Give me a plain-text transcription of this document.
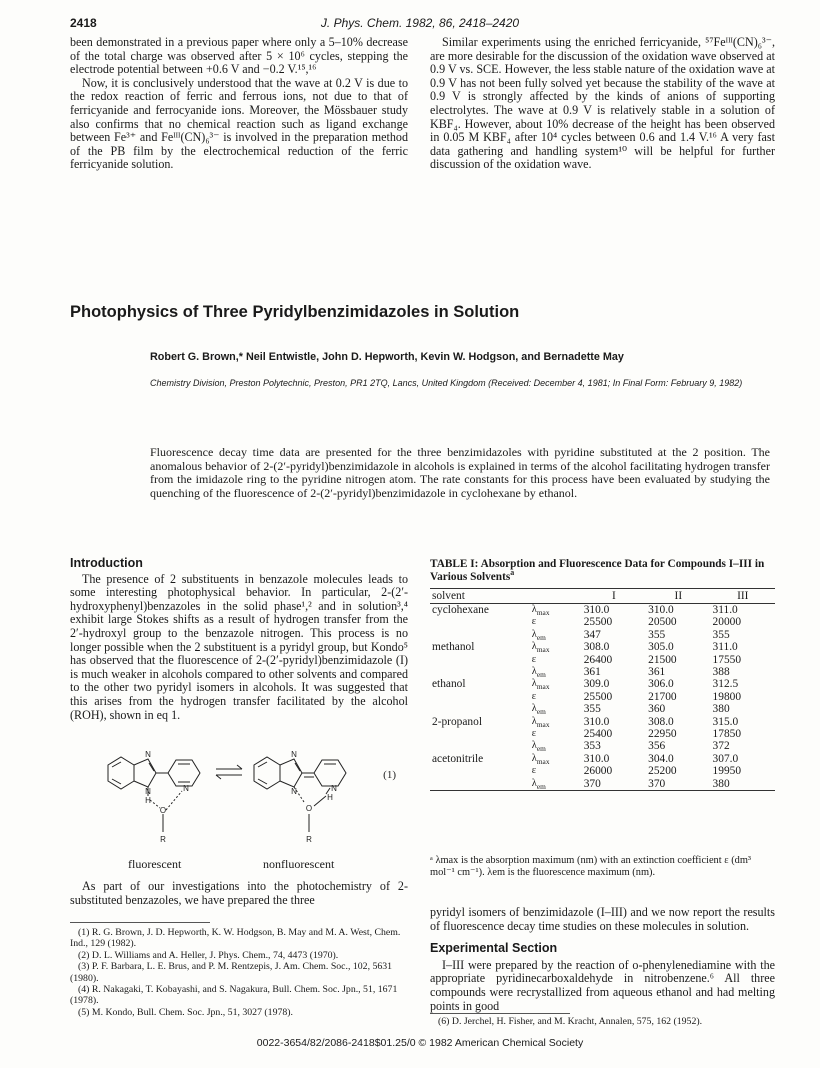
2418	J. Phys. Chem. 1982, 86, 2418–2420

been demonstrated in a previous paper where only a 5–10% decrease of the total charge was observed after 5 × 10⁶ cycles, stepping the electrode potential between +0.6 V and −0.2 V.¹⁵,¹⁶

Now, it is conclusively understood that the wave at 0.2 V is due to the redox reaction of ferric and ferrous ions, not due to that of ferricyanide and ferrocyanide ions. Moreover, the Mössbauer study also confirms that no chemical reaction such as ligand exchange between Fe³⁺ and Feᴵᴵᴵ(CN)₆³⁻ is involved in the preparation method of the PB film by the electrochemical reduction of the ferric ferricyanide solution.

Similar experiments using the enriched ferricyanide, ⁵⁷Feᴵᴵᴵ(CN)₆³⁻, are more desirable for the discussion of the oxidation wave observed at 0.9 V vs. SCE. However, the less stable nature of the oxidation wave at 0.9 V has not been fully solved yet because the stability of the wave at 0.9 V is strongly affected by the kinds of anions of supporting electrolytes. The wave at 0.9 V is relatively stable in a solution of KBF₄. However, about 10% decrease of the height has been observed in 0.05 M KBF₄ after 10⁴ cycles between 0.6 and 1.4 V.¹⁶ A very fast data gathering and handling system¹⁰ will be helpful for further discussion of the oxidation wave.

Photophysics of Three Pyridylbenzimidazoles in Solution
Robert G. Brown,* Neil Entwistle, John D. Hepworth, Kevin W. Hodgson, and Bernadette May
Chemistry Division, Preston Polytechnic, Preston, PR1 2TQ, Lancs, United Kingdom (Received: December 4, 1981; In Final Form: February 9, 1982)

Fluorescence decay time data are presented for the three benzimidazoles with pyridine substituted at the 2 position. The anomalous behavior of 2-(2′-pyridyl)benzimidazole in alcohols is explained in terms of the alcohol facilitating hydrogen transfer from the imidazole ring to the pyridine nitrogen atom. The rate constants for this process have been evaluated by studying the quenching of the fluorescence of 2-(2′-pyridyl)benzimidazole in cyclohexane by ethanol.

Introduction

The presence of 2 substituents in benzazole molecules leads to some interesting photophysical behavior. In particular, 2-(2′-hydroxyphenyl)benzazoles in the solid phase¹,² and in solution³,⁴ exhibit large Stokes shifts as a result of hydrogen transfer from the 2′-hydroxyl group to the benzazole nitrogen. This process is no longer possible when the 2 substituent is a pyridyl group, but Kondo⁵ has observed that the fluorescence of 2-(2′-pyridyl)benzimidazole (I) is much weaker in alcohols compared to other solvents and compared to the other two pyridyl isomers in alcohols. It was suggested that this arises from the hydrogen transfer facilitated by the alcohol (ROH), shown in eq 1.

N
N	N
H
O
R
N
N	N
H
O
R
(1)
fluorescent	nonfluorescent

As part of our investigations into the photochemistry of 2-substituted benzazoles, we have prepared the three

(1) R. G. Brown, J. D. Hepworth, K. W. Hodgson, B. May and M. A. West, Chem. Ind., 129 (1982).

(2) D. L. Williams and A. Heller, J. Phys. Chem., 74, 4473 (1970).

(3) P. F. Barbara, L. E. Brus, and P. M. Rentzepis, J. Am. Chem. Soc., 102, 5631 (1980).

(4) R. Nakagaki, T. Kobayashi, and S. Nagakura, Bull. Chem. Soc. Jpn., 51, 1671 (1978).

(5) M. Kondo, Bull. Chem. Soc. Jpn., 51, 3027 (1978).

TABLE I: Absorption and Fluorescence Data for Compounds I–III in Various Solvents$^a$
solvent		I	II	III
cyclohexane	$\lambda_{max}$	310.0	310.0	311.0
	ε	25500	20500	20000
	$\lambda_{em}$	347	355	355
methanol	$\lambda_{max}$	308.0	305.0	311.0
	ε	26400	21500	17550
	$\lambda_{em}$	361	361	388
ethanol	$\lambda_{max}$	309.0	306.0	312.5
	ε	25500	21700	19800
	$\lambda_{em}$	355	360	380
2-propanol	$\lambda_{max}$	310.0	308.0	315.0
	ε	25400	22950	17850
	$\lambda_{em}$	353	356	372
acetonitrile	$\lambda_{max}$	310.0	304.0	307.0
	ε	26000	25200	19950
	$\lambda_{em}$	370	370	380
ᵃ λmax is the absorption maximum (nm) with an extinction coefficient ε (dm³ mol⁻¹ cm⁻¹). λem is the fluorescence maximum (nm).

pyridyl isomers of benzimidazole (I–III) and we now report the results of fluorescence decay time studies on these molecules in solution.

Experimental Section

I–III were prepared by the reaction of o-phenylenediamine with the appropriate pyridinecarboxaldehyde in nitrobenzene.⁶ All three compounds were recrystallized from aqueous ethanol and had melting points in good

(6) D. Jerchel, H. Fisher, and M. Kracht, Annalen, 575, 162 (1952).

0022-3654/82/2086-2418$01.25/0 © 1982 American Chemical Society
